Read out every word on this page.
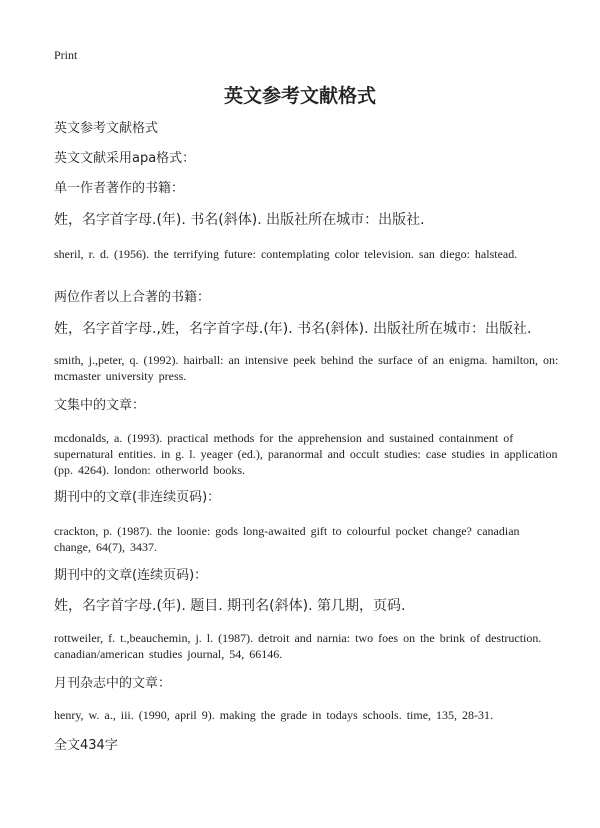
Print
英文参考文献格式
英文参考文献格式
英文文献采用apa格式：
单一作者著作的书籍：
姓，名字首字母.(年). 书名(斜体). 出版社所在城市：出版社.
sheril, r. d. (1956). the terrifying future: contemplating color television. san diego: halstead.
两位作者以上合著的书籍：
姓，名字首字母.,姓，名字首字母.(年). 书名(斜体). 出版社所在城市：出版社.
smith, j.,peter, q. (1992). hairball: an intensive peek behind the surface of an enigma. hamilton, on: mcmaster university press.
文集中的文章：
mcdonalds, a. (1993). practical methods for the apprehension and sustained containment of supernatural entities. in g. l. yeager (ed.), paranormal and occult studies: case studies in application (pp. 4264). london: otherworld books.
期刊中的文章(非连续页码)：
crackton, p. (1987). the loonie: gods long-awaited gift to colourful pocket change? canadian change, 64(7), 3437.
期刊中的文章(连续页码)：
姓，名字首字母.(年). 题目. 期刊名(斜体). 第几期，页码.
rottweiler, f. t.,beauchemin, j. l. (1987). detroit and narnia: two foes on the brink of destruction. canadian/american studies journal, 54, 66146.
月刊杂志中的文章：
henry, w. a., iii. (1990, april 9). making the grade in todays schools. time, 135, 28-31.
全文434字
